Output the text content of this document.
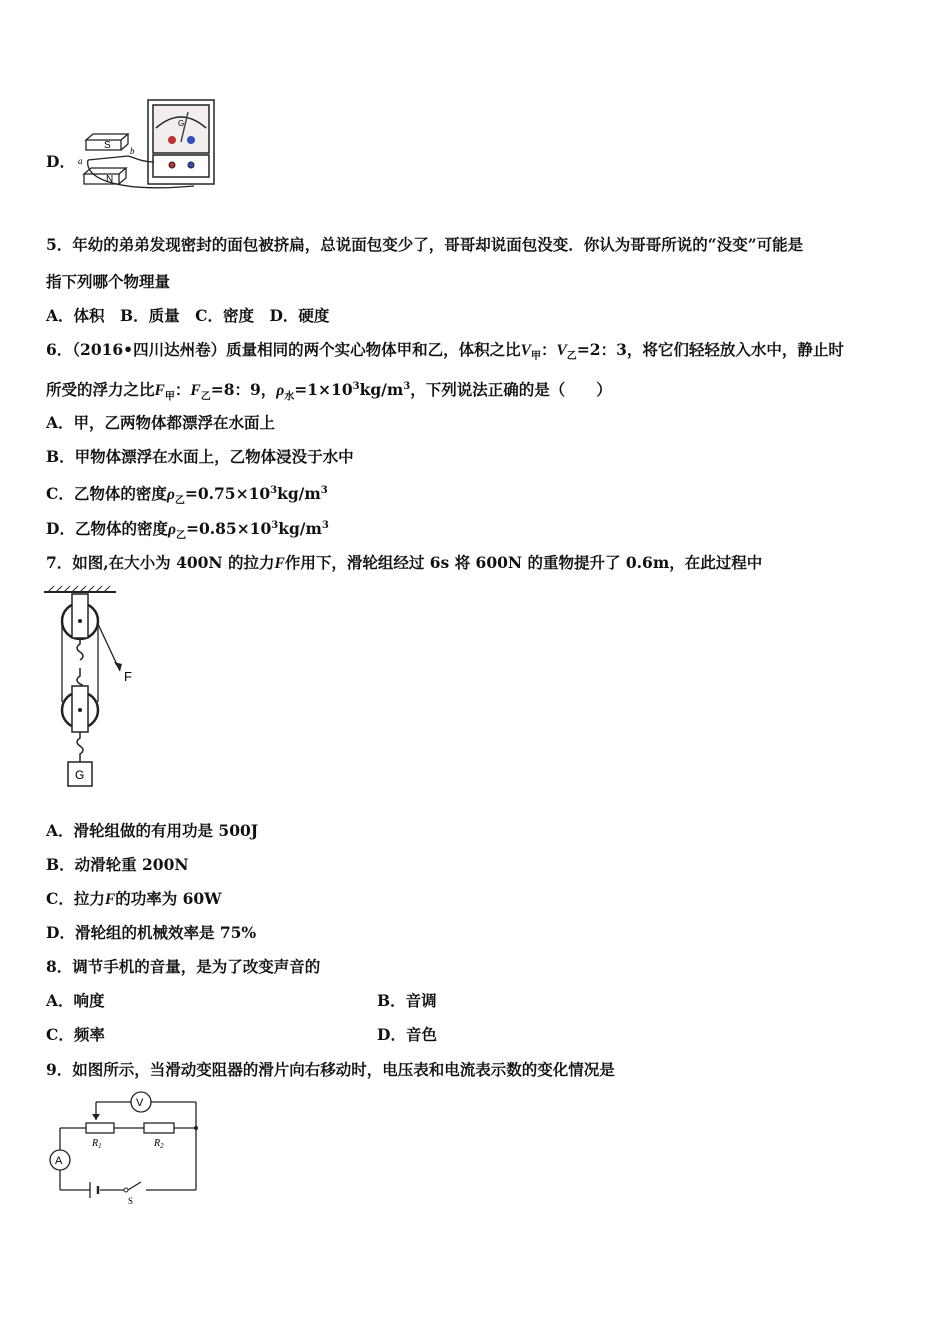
D．
S
N
a
b
G
5．年幼的弟弟发现密封的面包被挤扁，总说面包变少了，哥哥却说面包没变．你认为哥哥所说的“没变”可能是
指下列哪个物理量
A．体积　B．质量　C．密度　D．硬度
6．（2016•四川达州卷）质量相同的两个实心物体甲和乙，体积之比$V_甲$：$V_乙=2$：3，将它们轻轻放入水中，静止时
所受的浮力之比$F_甲$：$F_乙=8$：9，$\rho_水=1\times 10^3kg/m^3$，下列说法正确的是（　　）
A．甲，乙两物体都漂浮在水面上
B．甲物体漂浮在水面上，乙物体浸没于水中
C．乙物体的密度$\rho_乙=0.75\times 10^3kg/m^3$
D．乙物体的密度$\rho_乙=0.85\times 10^3kg/m^3$
7．如图,在大小为 400N 的拉力F作用下，滑轮组经过 6s 将 600N 的重物提升了 0.6m，在此过程中
F
G
A．滑轮组做的有用功是 500J
B．动滑轮重 200N
C．拉力F的功率为 60W
D．滑轮组的机械效率是 75%
8．调节手机的音量，是为了改变声音的
A．响度	B．音调
C．频率	D．音色
9．如图所示，当滑动变阻器的滑片向右移动时，电压表和电流表示数的变化情况是
V
A
$R_1$	$R_2$
S
